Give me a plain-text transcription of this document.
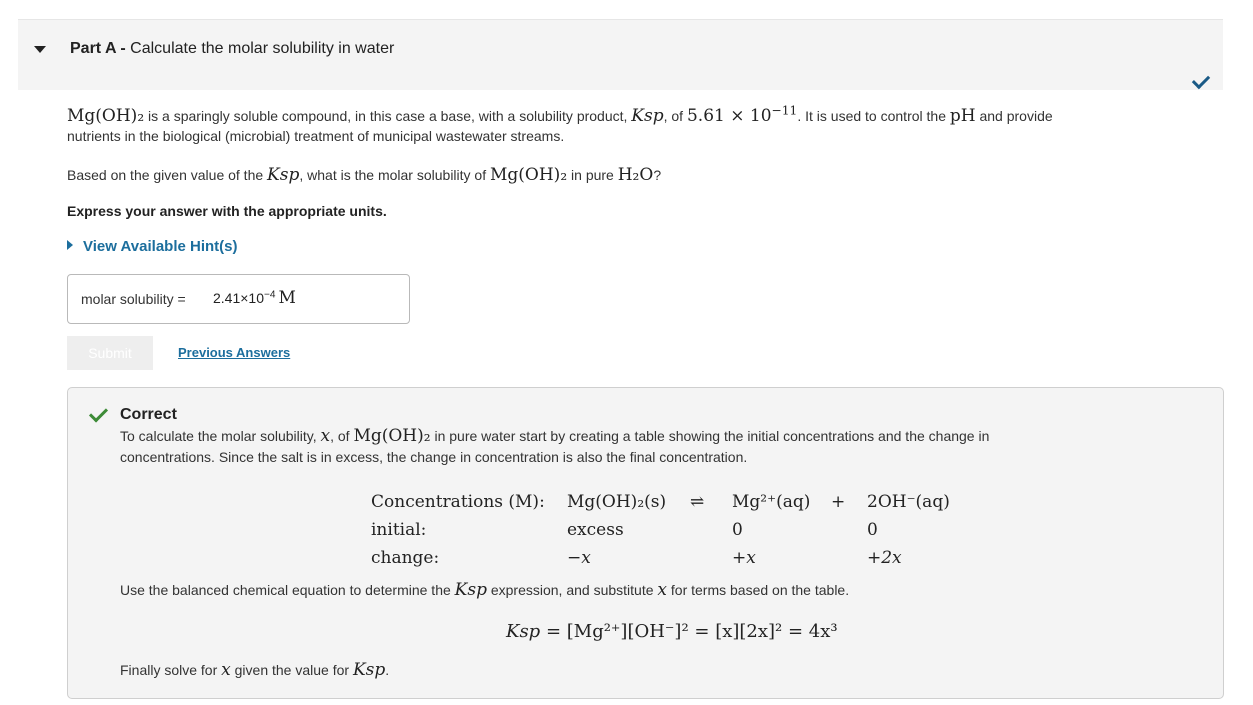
Part A - Calculate the molar solubility in water
Mg(OH)₂ is a sparingly soluble compound, in this case a base, with a solubility product, Ksp, of $5.61 \times 10^{-11}$. It is used to control the pH and provide
nutrients in the biological (microbial) treatment of municipal wastewater streams.
Based on the given value of the Ksp, what is the molar solubility of Mg(OH)₂ in pure H₂O?
Express your answer with the appropriate units.
View Available Hint(s)
molar solubility = $2.41\times 10^{-4}$ M
Submit	Previous Answers
Correct
To calculate the molar solubility, x, of Mg(OH)₂ in pure water start by creating a table showing the initial concentrations and the change in
concentrations. Since the salt is in excess, the change in concentration is also the final concentration.
Concentrations (M):	Mg(OH)₂(s)	⇌	Mg²⁺(aq)	+	2OH⁻(aq)
initial:	excess		0		0
change:	−x		+x		+2x
Use the balanced chemical equation to determine the Ksp expression, and substitute x for terms based on the table.
Ksp = [Mg²⁺][OH⁻]² = [x][2x]² = 4x³
Finally solve for x given the value for Ksp.
